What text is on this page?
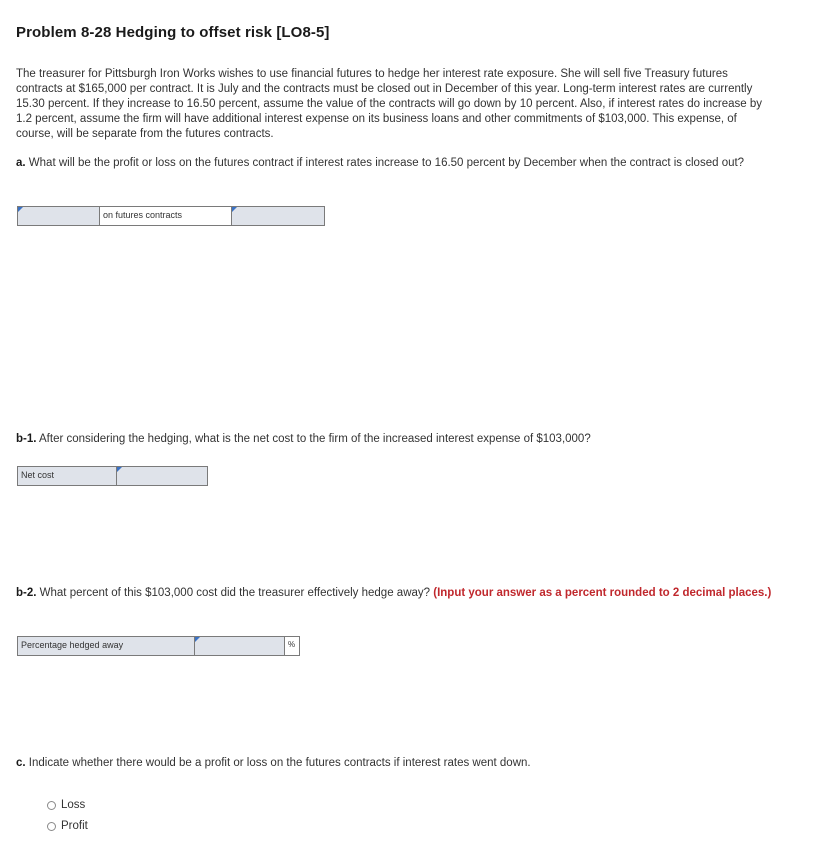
Problem 8-28 Hedging to offset risk [LO8-5]

The treasurer for Pittsburgh Iron Works wishes to use financial futures to hedge her interest rate exposure. She will sell five Treasury futures contracts at $165,000 per contract. It is July and the contracts must be closed out in December of this year. Long-term interest rates are currently 15.30 percent. If they increase to 16.50 percent, assume the value of the contracts will go down by 10 percent. Also, if interest rates do increase by 1.2 percent, assume the firm will have additional interest expense on its business loans and other commitments of $103,000. This expense, of course, will be separate from the futures contracts.

a. What will be the profit or loss on the futures contract if interest rates increase to 16.50 percent by December when the contract is closed out?

on futures contracts

b-1. After considering the hedging, what is the net cost to the firm of the increased interest expense of $103,000?

Net cost

b-2. What percent of this $103,000 cost did the treasurer effectively hedge away? (Input your answer as a percent rounded to 2 decimal places.)

Percentage hedged away	%

c. Indicate whether there would be a profit or loss on the futures contracts if interest rates went down.

Loss
Profit
